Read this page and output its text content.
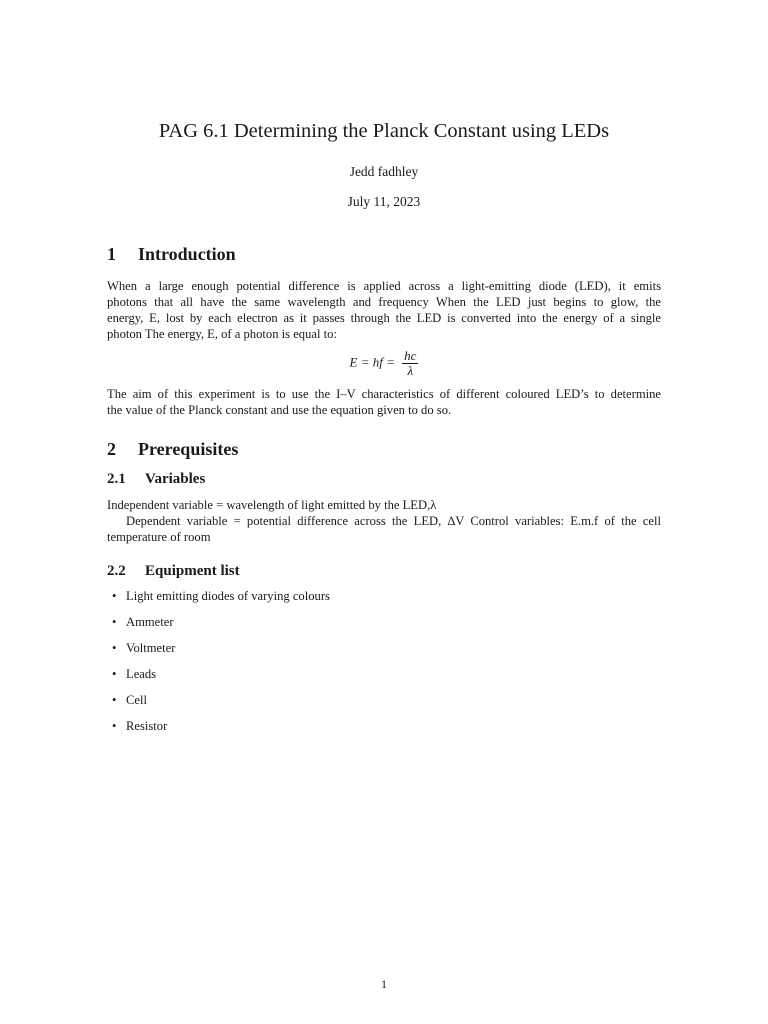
PAG 6.1 Determining the Planck Constant using LEDs
Jedd fadhley
July 11, 2023
1 Introduction
When a large enough potential difference is applied across a light-emitting diode (LED), it emits
photons that all have the same wavelength and frequency When the LED just begins to glow, the
energy, E, lost by each electron as it passes through the LED is converted into the energy of a single
photon The energy, E, of a photon is equal to:
E = hf = $\frac{hc}{\lambda}$
The aim of this experiment is to use the I–V characteristics of different coloured LED’s to determine
the value of the Planck constant and use the equation given to do so.
2 Prerequisites
2.1 Variables
Independent variable = wavelength of light emitted by the LED,λ
Dependent variable = potential difference across the LED, ∆V Control variables: E.m.f of the cell
temperature of room
2.2 Equipment list
• Light emitting diodes of varying colours
• Ammeter
• Voltmeter
• Leads
• Cell
• Resistor
1
